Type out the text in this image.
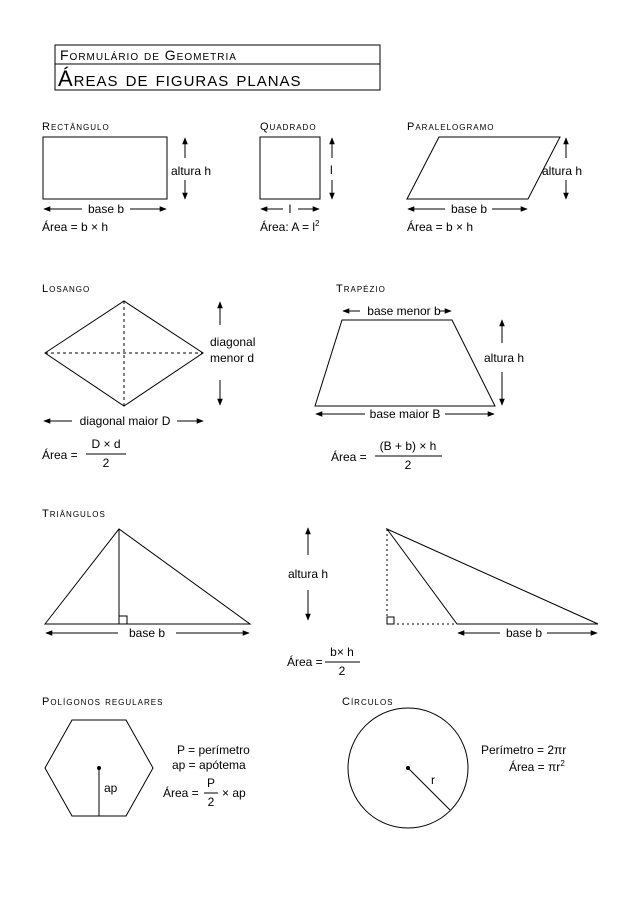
Formulário de Geometria
Áreas de figuras planas
Rectângulo
altura h
base b
Área = b × h
Quadrado
l
l
Área: $A = l^2$
Paralelogramo
altura h
base b
Área = b × h
Losango
diagonal
menor d
diagonal maior D
Área =
D × d
2
Trapézio
base menor b
altura h
base maior B
Área =
(B + b) × h
2
Triângulos
base b
altura h
base b
Área =
b× h
2
Polígonos regulares
ap
P = perímetro
ap = apótema
Área =
P
2
× ap
Círculos
r
Perímetro = 2πr
Área = $\pi r^2$
